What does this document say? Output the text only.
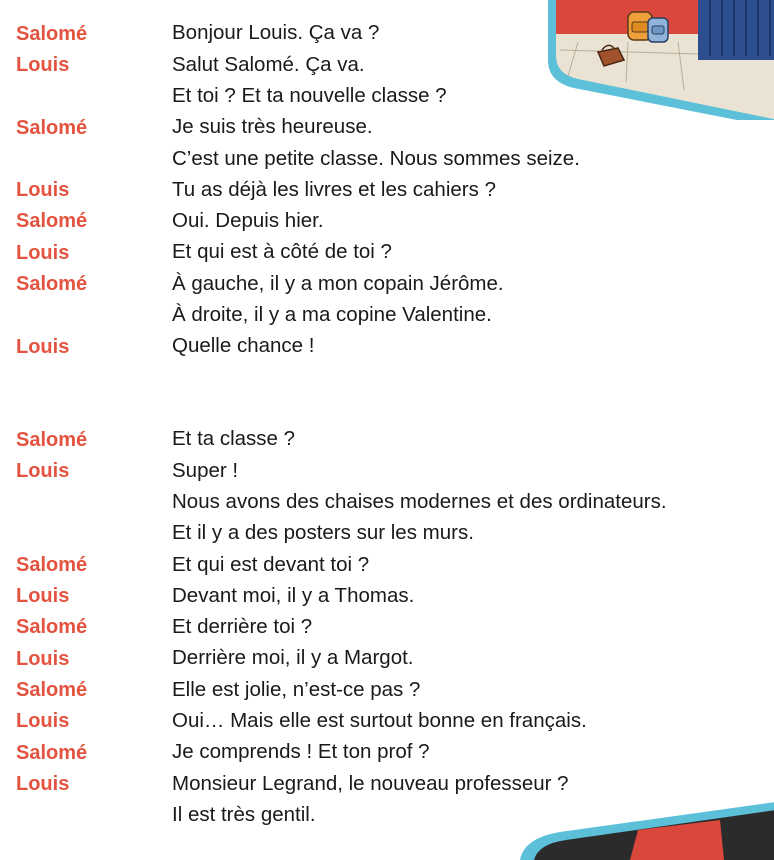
Salomé	Bonjour Louis. Ça va ?
Louis	Salut Salomé. Ça va.
Et toi ? Et ta nouvelle classe ?
Salomé	Je suis très heureuse.
C’est une petite classe. Nous sommes seize.
Louis	Tu as déjà les livres et les cahiers ?
Salomé	Oui. Depuis hier.
Louis	Et qui est à côté de toi ?
Salomé	À gauche, il y a mon copain Jérôme.
À droite, il y a ma copine Valentine.
Louis	Quelle chance !
Salomé	Et ta classe ?
Louis	Super !
Nous avons des chaises modernes et des ordinateurs.
Et il y a des posters sur les murs.
Salomé	Et qui est devant toi ?
Louis	Devant moi, il y a Thomas.
Salomé	Et derrière toi ?
Louis	Derrière moi, il y a Margot.
Salomé	Elle est jolie, n’est-ce pas ?
Louis	Oui… Mais elle est surtout bonne en français.
Salomé	Je comprends ! Et ton prof ?
Louis	Monsieur Legrand, le nouveau professeur ?
Il est très gentil.
